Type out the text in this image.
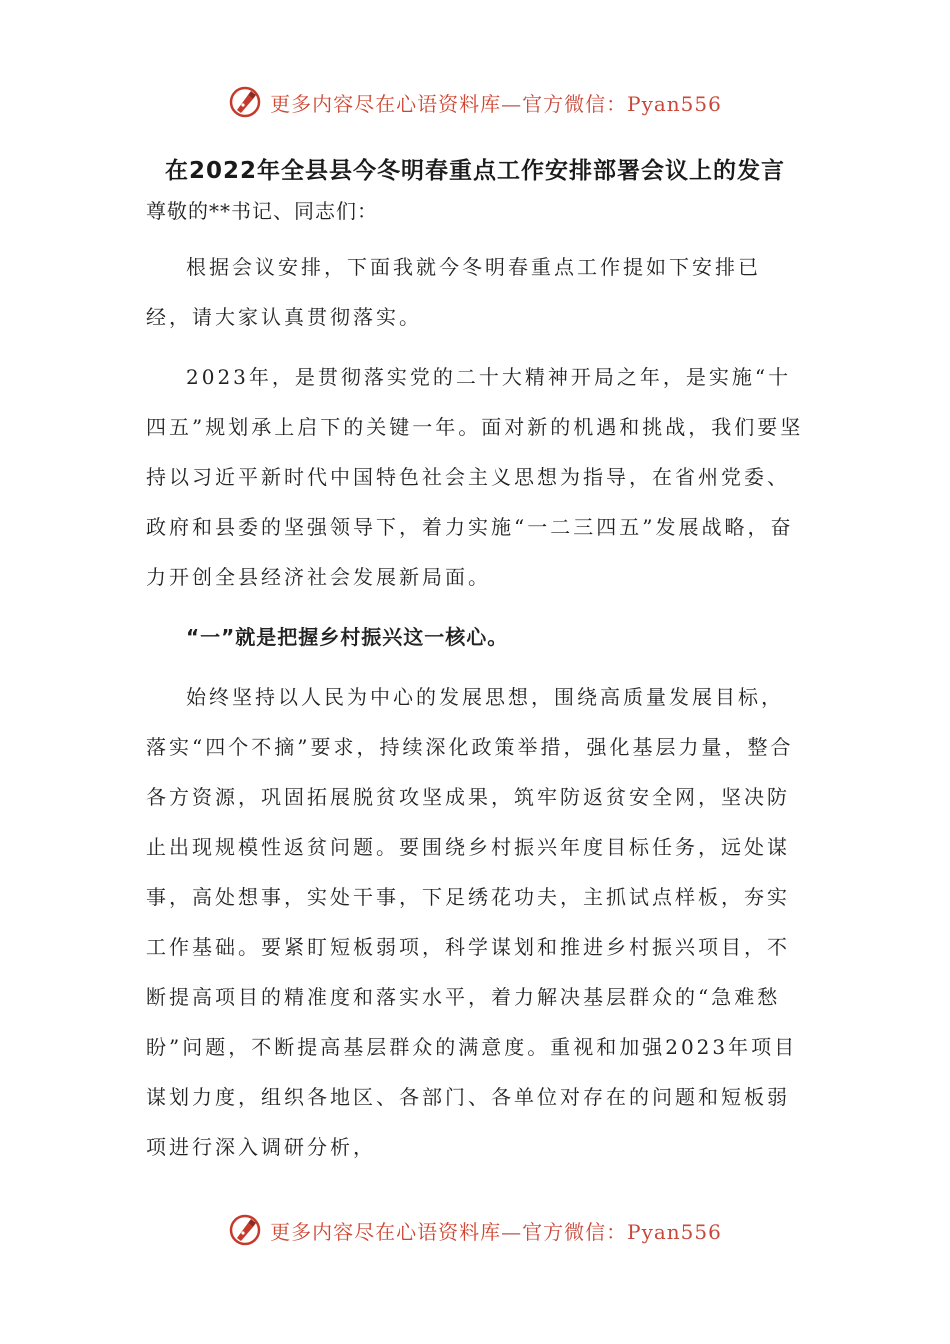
更多内容尽在心语资料库—官方微信：Pyan556
在2022年全县县今冬明春重点工作安排部署会议上的发言

尊敬的**书记、同志们：

根据会议安排，下面我就今冬明春重点工作提如下安排已经，请大家认真贯彻落实。

2023年，是贯彻落实党的二十大精神开局之年，是实施“十四五”规划承上启下的关键一年。面对新的机遇和挑战，我们要坚持以习近平新时代中国特色社会主义思想为指导，在省州党委、政府和县委的坚强领导下，着力实施“一二三四五”发展战略，奋力开创全县经济社会发展新局面。

“一”就是把握乡村振兴这一核心。

始终坚持以人民为中心的发展思想，围绕高质量发展目标，落实“四个不摘”要求，持续深化政策举措，强化基层力量，整合各方资源，巩固拓展脱贫攻坚成果，筑牢防返贫安全网，坚决防止出现规模性返贫问题。要围绕乡村振兴年度目标任务，远处谋事，高处想事，实处干事，下足绣花功夫，主抓试点样板，夯实工作基础。要紧盯短板弱项，科学谋划和推进乡村振兴项目，不断提高项目的精准度和落实水平，着力解决基层群众的“急难愁盼”问题，不断提高基层群众的满意度。重视和加强2023年项目谋划力度，组织各地区、各部门、各单位对存在的问题和短板弱项进行深入调研分析，

更多内容尽在心语资料库—官方微信：Pyan556
